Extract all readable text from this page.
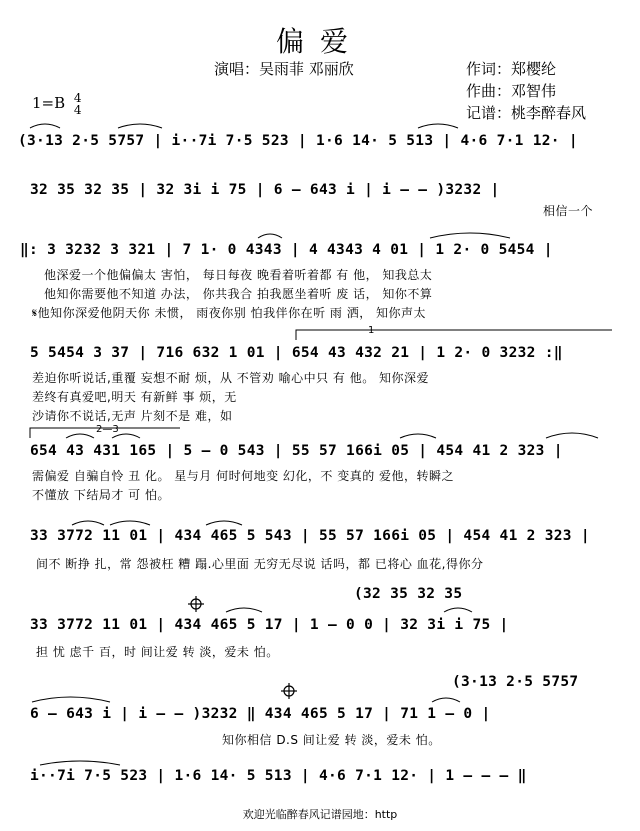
偏爱
演唱：吴雨菲 邓丽欣	作词：郑樱纶
作曲：邓智伟
记谱：桃李醉春风
1=B 4
4
(3·13 2·5 5757 | i··7i 7·5 523 | 1·6 14· 5 513 | 4·6 7·1 12· |
32 35 32 35 | 32 3i i 75 | 6 – 643 i | i – – )3232 |
相信一个
‖: 3 3232 3 321 | 7 1· 0 4343 | 4 4343 4 01 | 1 2· 0 5454 |
他深爱一个他偏偏太 害怕， 每日每夜 晚看着听着都 有 他， 知我总太
他知你需要他不知道 办法， 你共我合 拍我愿坐着听 废 话， 知你不算
𝄋他知你深爱他阴天你 未惯， 雨夜你别 怕我伴你在听 雨 洒， 知你声太
5 5454 3 37 | 716 632 1 01 | 654 43 432 21 | 1 2· 0 3232 :‖
差迫你听说话,重覆 妄想不耐 烦，从 不管劝 喻心中只 有 他。 知你深爱
差终有真爱吧,明天 有新鲜 事 烦，无
沙请你不说话,无声 片刻不是 难，如
654 43 431 165 | 5 – 0 543 | 55 57 166i 05 | 454 41 2 323 |
需偏爱 自骗自怜 丑 化。 星与月 何时何地变 幻化，不 变真的 爱他，转瞬之
不懂放 下结局才 可 怕。
33 3772 11 01 | 434 465 5 543 | 55 57 166i 05 | 454 41 2 323 |
间不 断挣 扎，常 怨被枉 糟 蹋.心里面 无穷无尽说 话吗，都 已将心 血花,得你分
33 3772 11 01 | 434 465 5 17 | 1 – 0 0 | 32 3i i 75 |
担 忧 虑千 百，时 间让爱 转 淡，爱未 怕。
(32 35 32 35
6 – 643 i | i – – )3232 ‖ 434 465 5 17 | 71 1 – 0 |
知你相信 D.S 间让爱 转 淡，爱未 怕。
(3·13 2·5 5757
i··7i 7·5 523 | 1·6 14· 5 513 | 4·6 7·1 12· | 1 – – – ‖
1
2—3
欢迎光临醉春风记谱园地：http
